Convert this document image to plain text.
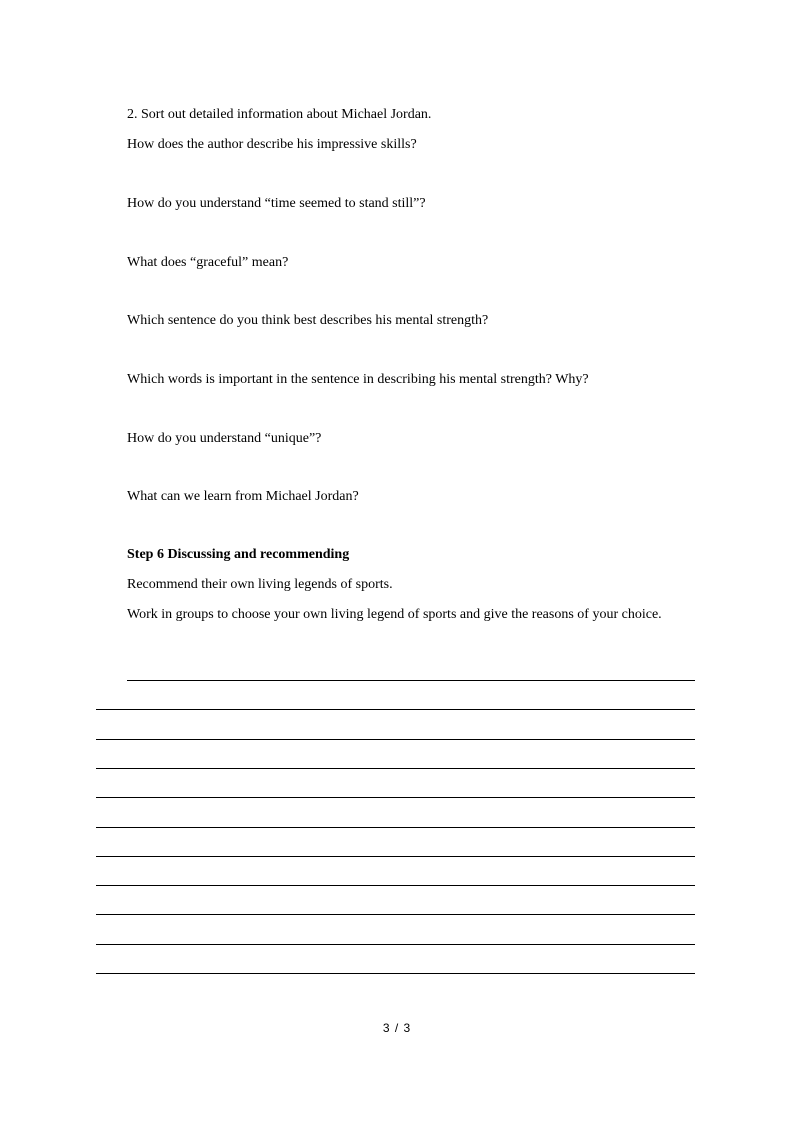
2. Sort out detailed information about Michael Jordan.
How does the author describe his impressive skills?
How do you understand “time seemed to stand still”?
What does “graceful” mean?
Which sentence do you think best describes his mental strength?
Which words is important in the sentence in describing his mental strength? Why?
How do you understand “unique”?
What can we learn from Michael Jordan?
Step 6 Discussing and recommending
Recommend their own living legends of sports.
Work in groups to choose your own living legend of sports and give the reasons of your choice.
3 / 3
